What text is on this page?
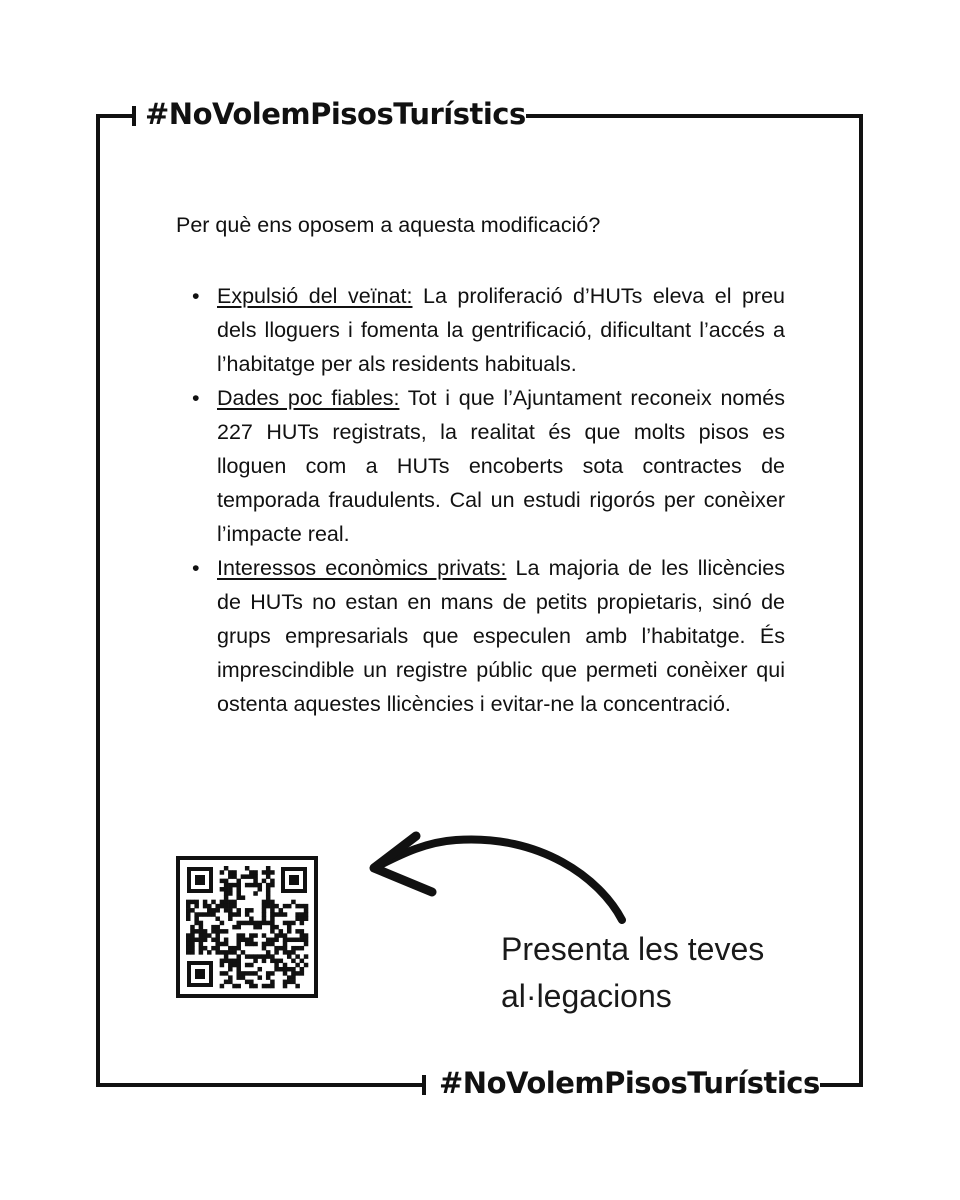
#NoVolemPisosTurístics

Per què ens oposem a aquesta modificació?

• Expulsió del veïnat: La proliferació d’HUTs eleva el preu dels lloguers i fomenta la gentrificació, dificultant l’accés a l’habitatge per als residents habituals.
• Dades poc fiables: Tot i que l’Ajuntament reconeix només 227 HUTs registrats, la realitat és que molts pisos es lloguen com a HUTs encoberts sota contractes de temporada fraudulents. Cal un estudi rigorós per conèixer l’impacte real.
• Interessos econòmics privats: La majoria de les llicències de HUTs no estan en mans de petits propietaris, sinó de grups empresarials que especulen amb l’habitatge. És imprescindible un registre públic que permeti conèixer qui ostenta aquestes llicències i evitar-ne la concentració.

Presenta les teves
al·legacions

#NoVolemPisosTurístics
